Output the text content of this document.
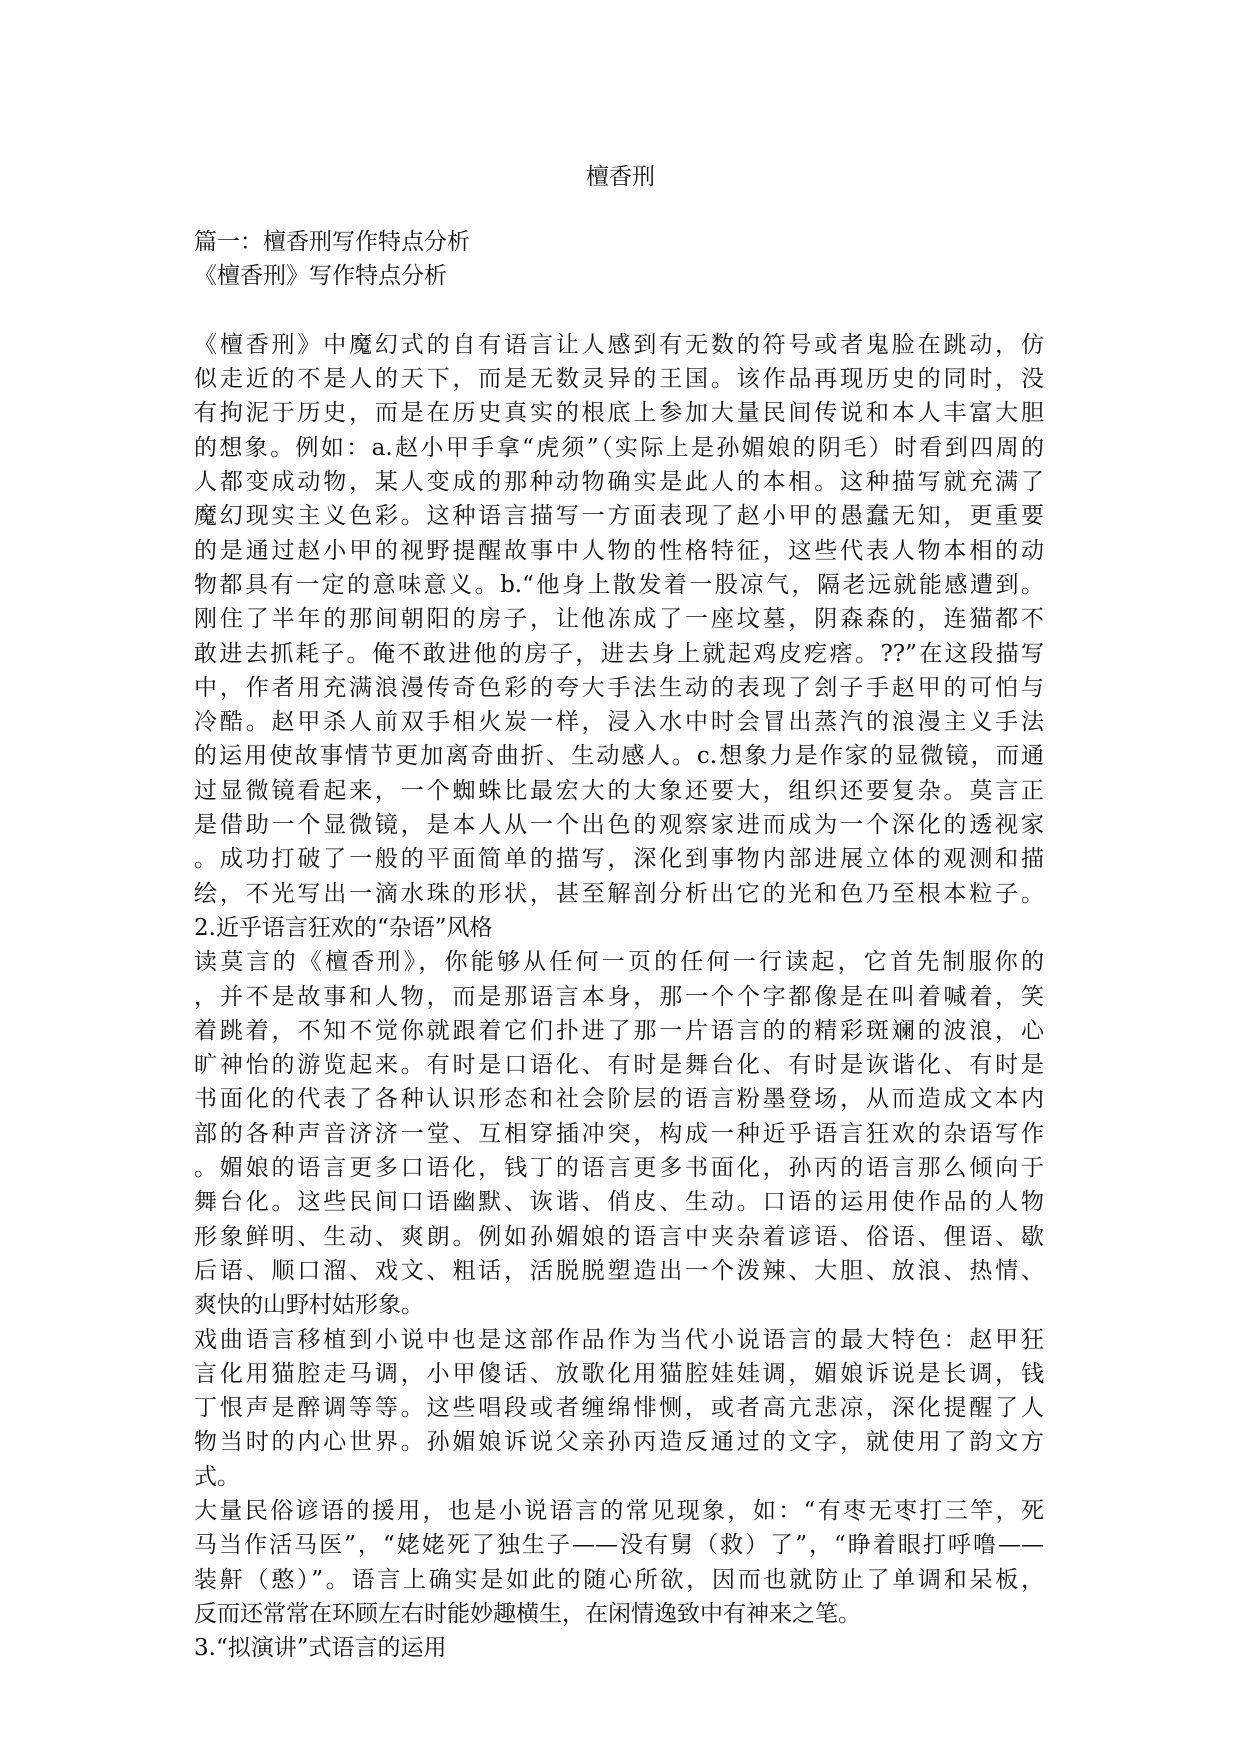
檀香刑
篇一：檀香刑写作特点分析
《檀香刑》写作特点分析
《檀香刑》中魔幻式的自有语言让人感到有无数的符号或者鬼脸在跳动，仿
似走近的不是人的天下，而是无数灵异的王国。该作品再现历史的同时，没
有拘泥于历史，而是在历史真实的根底上参加大量民间传说和本人丰富大胆
的想象。例如：a.赵小甲手拿“虎须”（实际上是孙媚娘的阴毛）时看到四周的
人都变成动物，某人变成的那种动物确实是此人的本相。这种描写就充满了
魔幻现实主义色彩。这种语言描写一方面表现了赵小甲的愚蠢无知，更重要
的是通过赵小甲的视野提醒故事中人物的性格特征，这些代表人物本相的动
物都具有一定的意味意义。b.“他身上散发着一股凉气，隔老远就能感遭到。
刚住了半年的那间朝阳的房子，让他冻成了一座坟墓，阴森森的，连猫都不
敢进去抓耗子。俺不敢进他的房子，进去身上就起鸡皮疙瘩。??”在这段描写
中，作者用充满浪漫传奇色彩的夸大手法生动的表现了刽子手赵甲的可怕与
冷酷。赵甲杀人前双手相火炭一样，浸入水中时会冒出蒸汽的浪漫主义手法
的运用使故事情节更加离奇曲折、生动感人。c.想象力是作家的显微镜，而通
过显微镜看起来，一个蜘蛛比最宏大的大象还要大，组织还要复杂。莫言正
是借助一个显微镜，是本人从一个出色的观察家进而成为一个深化的透视家
。成功打破了一般的平面简单的描写，深化到事物内部进展立体的观测和描
绘，不光写出一滴水珠的形状，甚至解剖分析出它的光和色乃至根本粒子。
2.近乎语言狂欢的“杂语”风格
读莫言的《檀香刑》，你能够从任何一页的任何一行读起，它首先制服你的
，并不是故事和人物，而是那语言本身，那一个个字都像是在叫着喊着，笑
着跳着，不知不觉你就跟着它们扑进了那一片语言的的精彩斑斓的波浪，心
旷神怡的游览起来。有时是口语化、有时是舞台化、有时是诙谐化、有时是
书面化的代表了各种认识形态和社会阶层的语言粉墨登场，从而造成文本内
部的各种声音济济一堂、互相穿插冲突，构成一种近乎语言狂欢的杂语写作
。媚娘的语言更多口语化，钱丁的语言更多书面化，孙丙的语言那么倾向于
舞台化。这些民间口语幽默、诙谐、俏皮、生动。口语的运用使作品的人物
形象鲜明、生动、爽朗。例如孙媚娘的语言中夹杂着谚语、俗语、俚语、歇
后语、顺口溜、戏文、粗话，活脱脱塑造出一个泼辣、大胆、放浪、热情、
爽快的山野村姑形象。
戏曲语言移植到小说中也是这部作品作为当代小说语言的最大特色：赵甲狂
言化用猫腔走马调，小甲傻话、放歌化用猫腔娃娃调，媚娘诉说是长调，钱
丁恨声是醉调等等。这些唱段或者缠绵悱恻，或者高亢悲凉，深化提醒了人
物当时的内心世界。孙媚娘诉说父亲孙丙造反通过的文字，就使用了韵文方
式。
大量民俗谚语的援用，也是小说语言的常见现象，如：“有枣无枣打三竿，死
马当作活马医”，“姥姥死了独生子——没有舅（救）了”，“睁着眼打呼噜——
装鼾（憨）”。语言上确实是如此的随心所欲，因而也就防止了单调和呆板，
反而还常常在环顾左右时能妙趣横生，在闲情逸致中有神来之笔。
3.“拟演讲”式语言的运用
